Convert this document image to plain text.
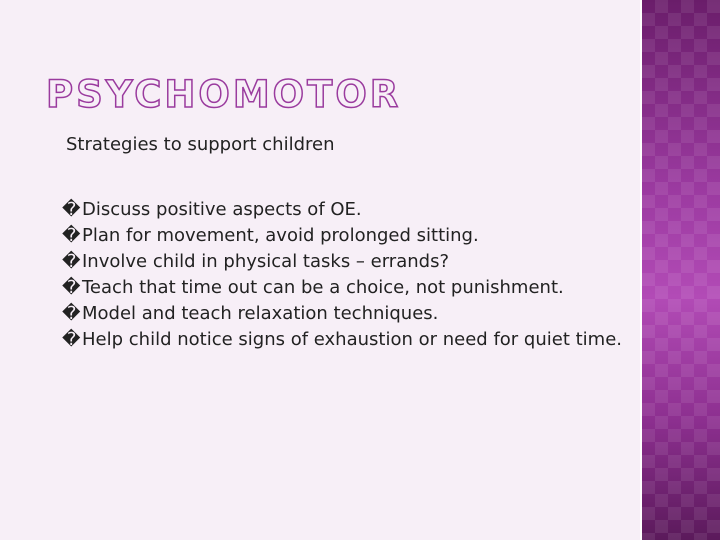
PSYCHOMOTOR
Strategies to support children
�Discuss positive aspects of OE.
�Plan for movement, avoid prolonged sitting.
�Involve child in physical tasks – errands?
�Teach that time out can be a choice, not punishment.
�Model and teach relaxation techniques.
�Help child notice signs of exhaustion or need for quiet time.
